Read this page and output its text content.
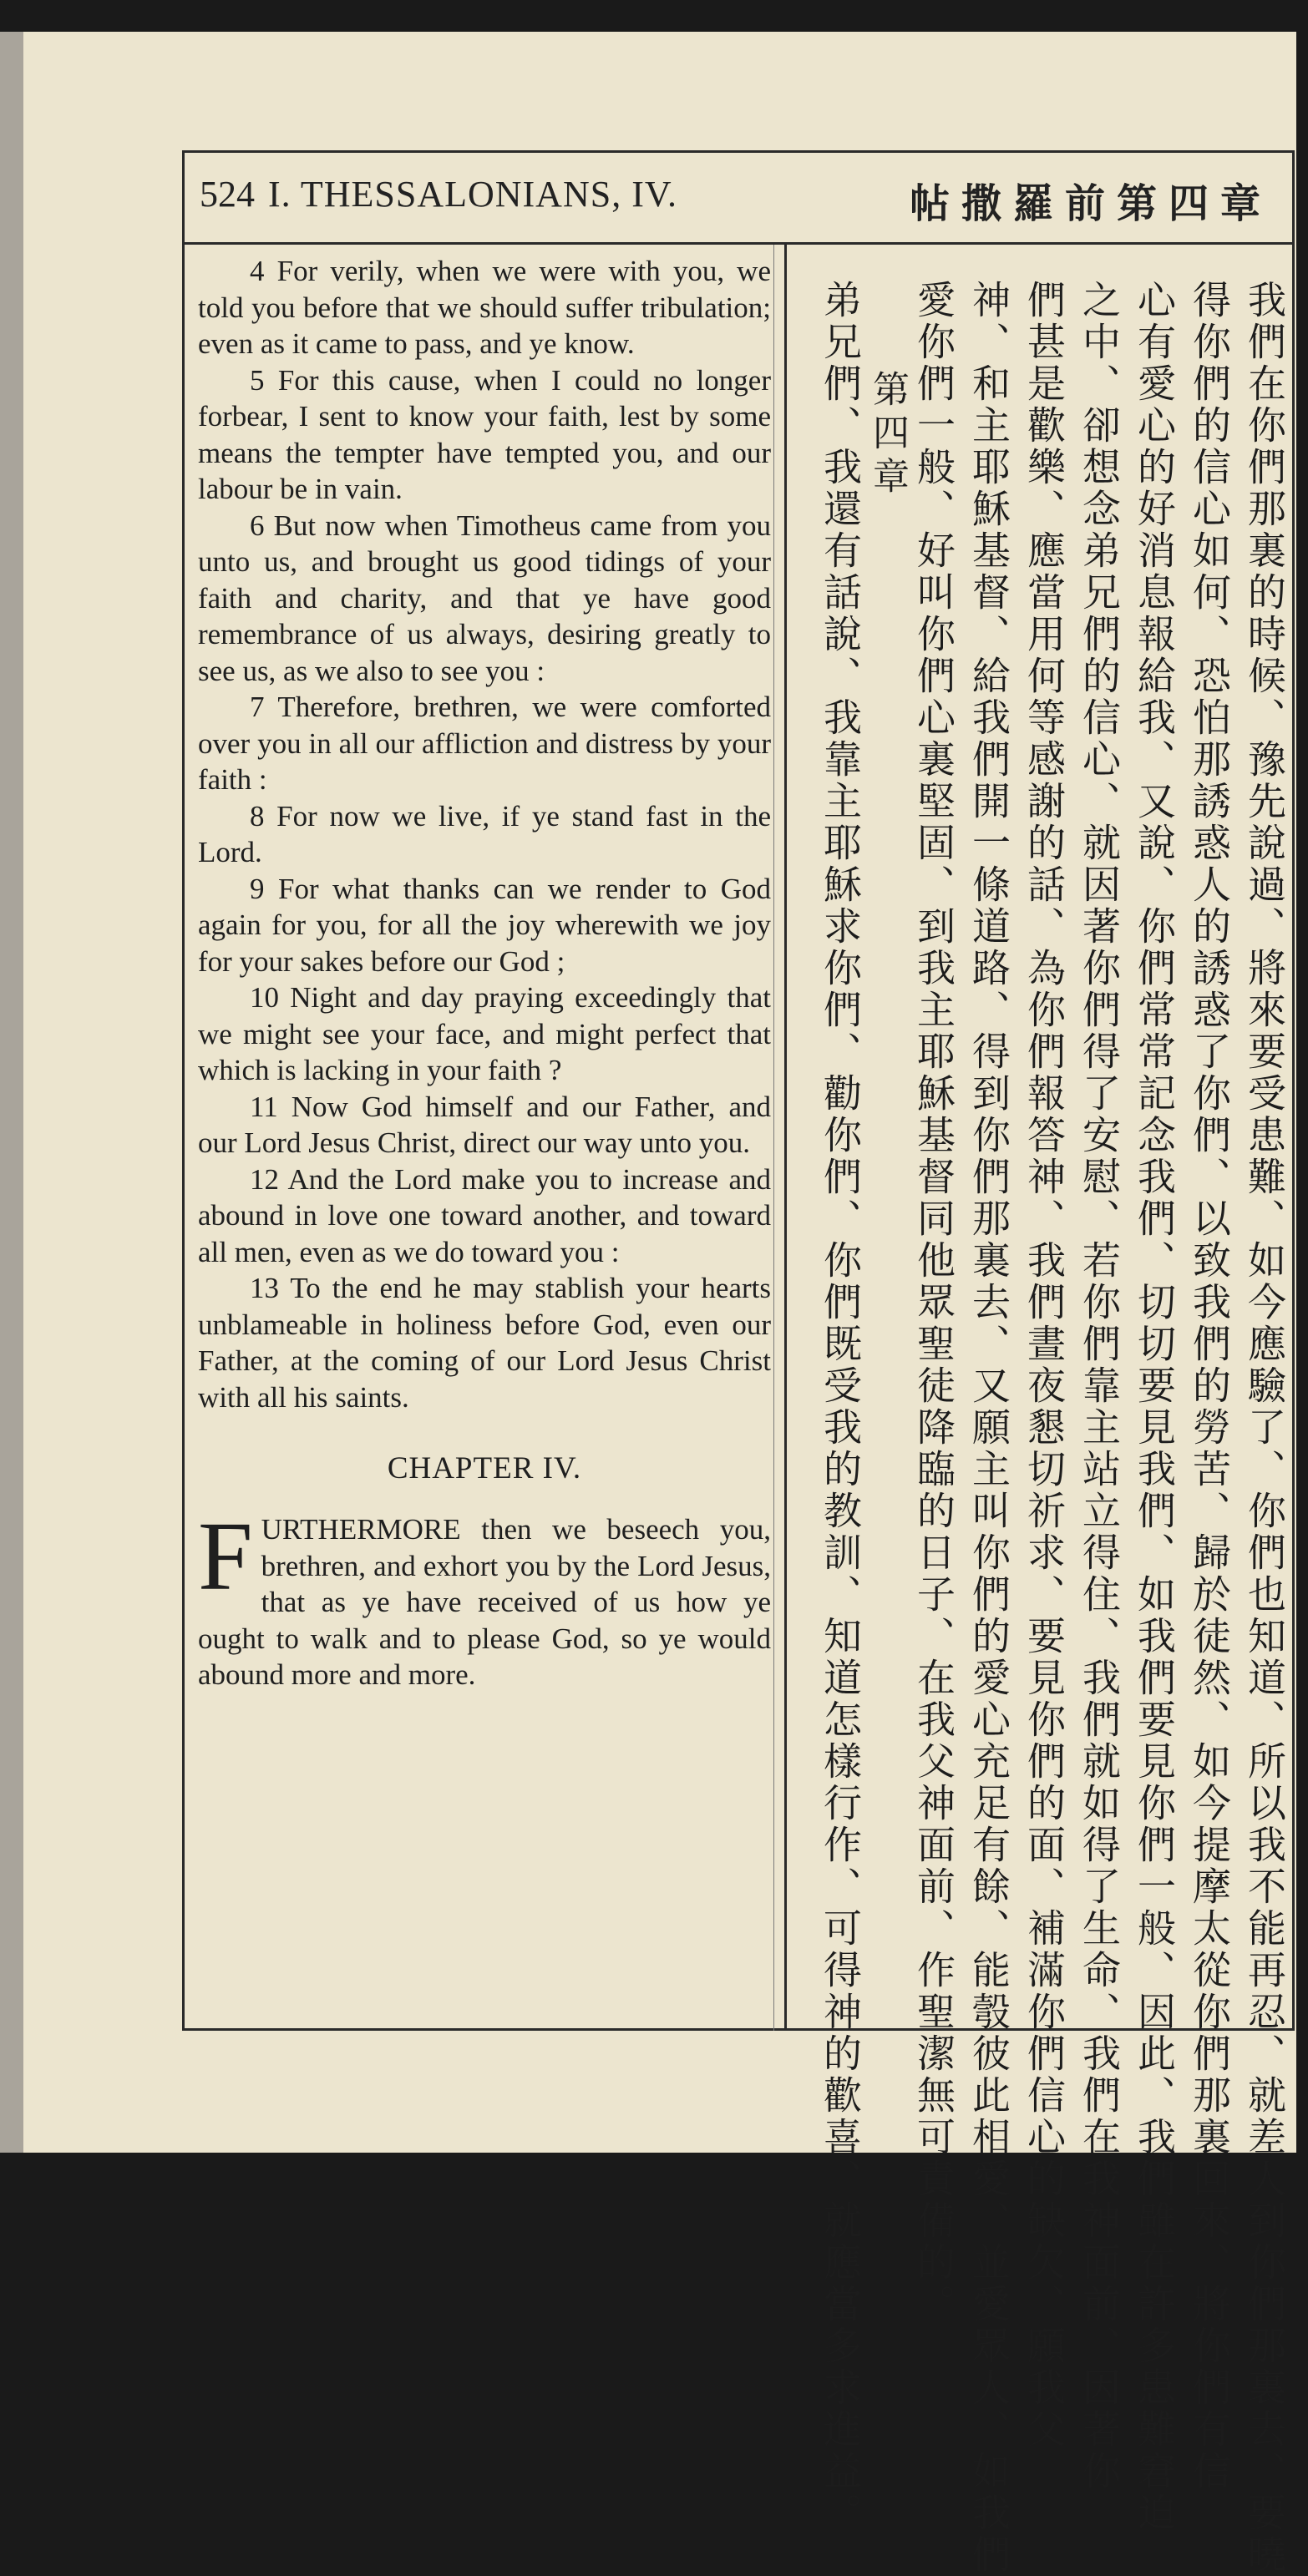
524 I. THESSALONIANS, IV.	帖撒羅前第四章

4 For verily, when we were with you, we told you before that we should suffer tribulation; even as it came to pass, and ye know.

5 For this cause, when I could no longer forbear, I sent to know your faith, lest by some means the tempter have tempted you, and our labour be in vain.

6 But now when Timotheus came from you unto us, and brought us good tidings of your faith and charity, and that ye have good remembrance of us always, desiring greatly to see us, as we also to see you :

7 Therefore, brethren, we were comforted over you in all our affliction and distress by your faith :

8 For now we live, if ye stand fast in the Lord.

9 For what thanks can we render to God again for you, for all the joy wherewith we joy for your sakes before our God ;

10 Night and day praying exceedingly that we might see your face, and might perfect that which is lacking in your faith ?

11 Now God himself and our Father, and our Lord Jesus Christ, direct our way unto you.

12 And the Lord make you to increase and abound in love one toward another, and toward all men, even as we do toward you :

13 To the end he may stablish your hearts unblameable in holiness before God, even our Father, at the coming of our Lord Jesus Christ with all his saints.

CHAPTER IV.

FURTHERMORE then we beseech you, brethren, and exhort you by the Lord Jesus, that as ye have received of us how ye ought to walk and to please God, so ye would abound more and more.	我們在你們那裏的時候、豫先說過、將來要受患難、如今應驗了、你們也知道、所以我不能再忍、就差人到你們那裏去、要曉
得你們的信心如何、恐怕那誘惑人的誘惑了你們、以致我們的勞苦、歸於徒然、如今提摩太從你們那裏回來、將你們有信
心有愛心的好消息報給我、又說、你們常常記念我們、切切要見我們、如我們要見你們一般、因此、我們雖在許多患難窘迫
之中、卻想念弟兄們的信心、就因著你們得了安慰、若你們靠主站立得住、我們就如得了生命、我們在我神面前、因著你
們甚是歡樂、應當用何等感謝的話、為你們報答神、我們晝夜懇切祈求、要見你們的面、補滿你們信心的缺欠、願我父
神、和主耶穌基督、給我們開一條道路、得到你們那裏去、又願主叫你們的愛心充足有餘、能彀彼此相愛、並愛眾人、如我們
愛你們一般、好叫你們心裏堅固、到我主耶穌基督同他眾聖徒降臨的日子、在我父神面前、作聖潔無可責備的。
第四章
弟兄們、我還有話說、我靠主耶穌求你們、勸你們、你們既受我的教訓、知道怎樣行作、可得神的歡喜、就應當多求進益。
